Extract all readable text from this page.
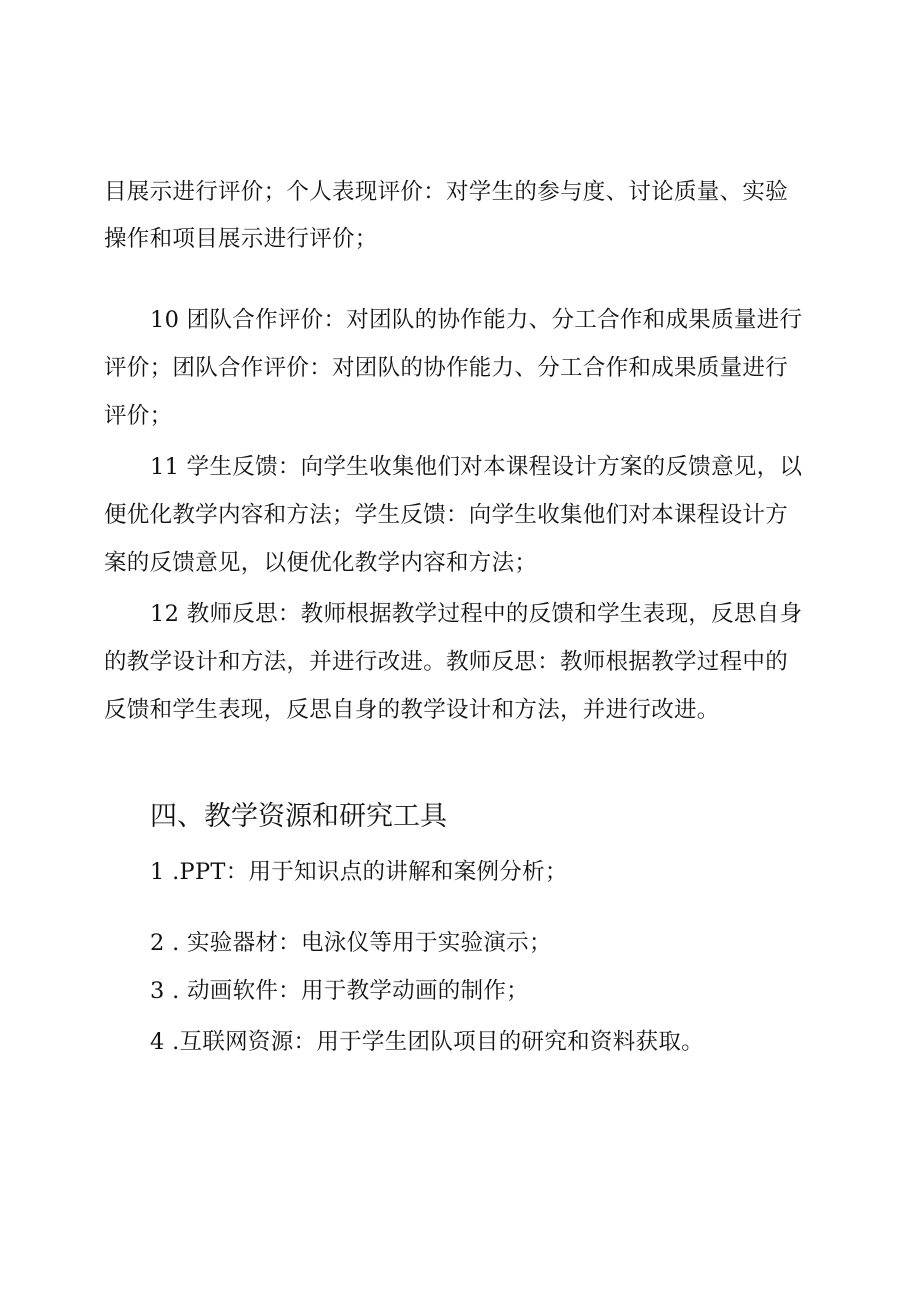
目展示进行评价；个人表现评价：对学生的参与度、讨论质量、实验
操作和项目展示进行评价；
10 团队合作评价：对团队的协作能力、分工合作和成果质量进行
评价；团队合作评价：对团队的协作能力、分工合作和成果质量进行
评价；
11 学生反馈：向学生收集他们对本课程设计方案的反馈意见，以
便优化教学内容和方法；学生反馈：向学生收集他们对本课程设计方
案的反馈意见，以便优化教学内容和方法；
12 教师反思：教师根据教学过程中的反馈和学生表现，反思自身
的教学设计和方法，并进行改进。教师反思：教师根据教学过程中的
反馈和学生表现，反思自身的教学设计和方法，并进行改进。
四、教学资源和研究工具
1 .PPT：用于知识点的讲解和案例分析；
2 . 实验器材：电泳仪等用于实验演示；
3 . 动画软件：用于教学动画的制作；
4 .互联网资源：用于学生团队项目的研究和资料获取。
